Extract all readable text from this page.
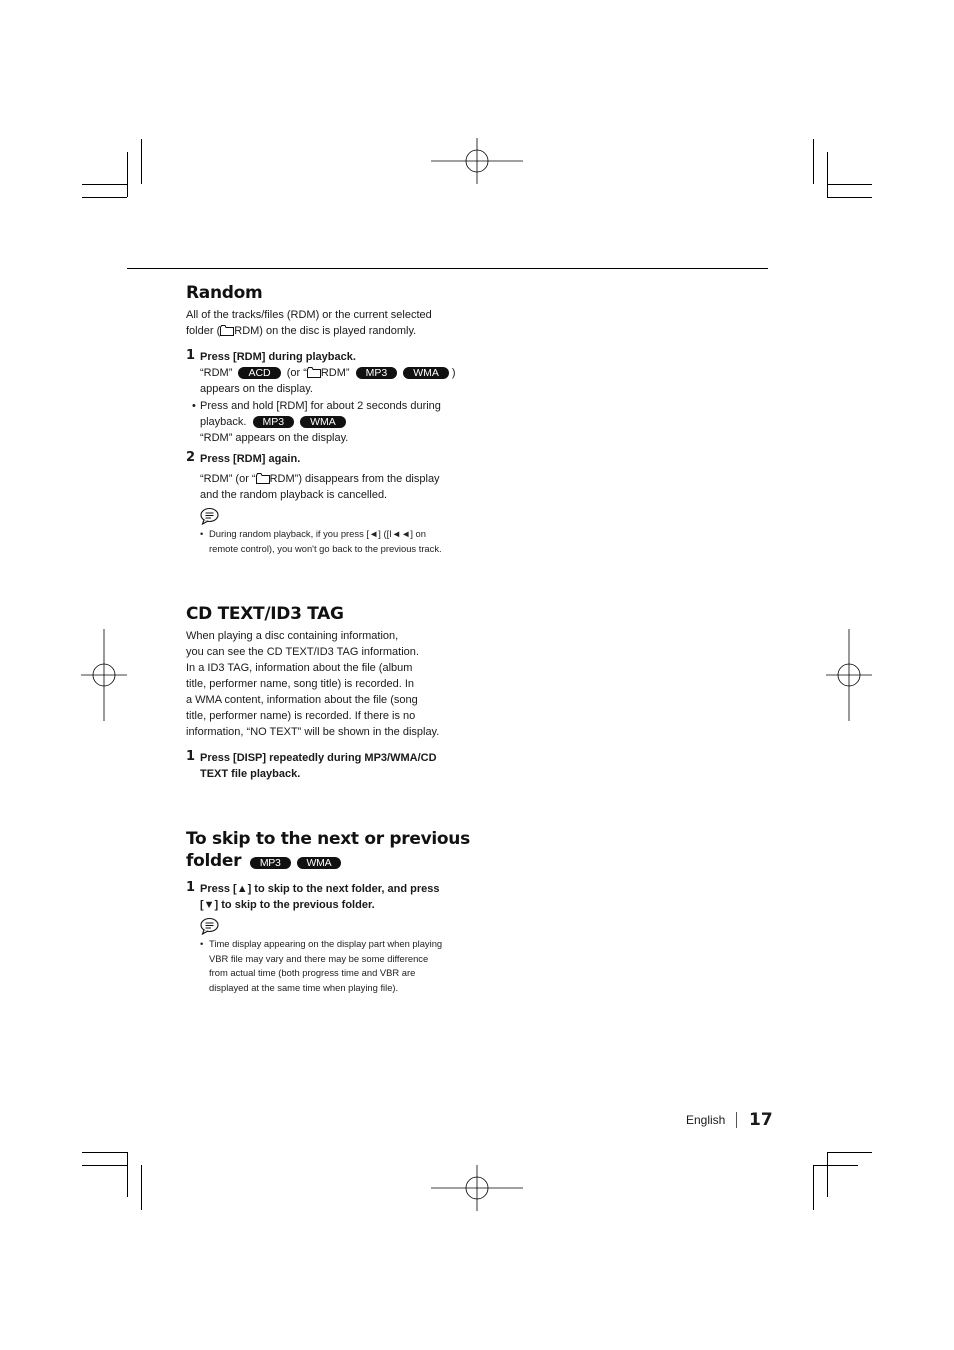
Random

All of the tracks/files (RDM) or the current selected
folder ( RDM) on the disc is played randomly.

1 Press [RDM] during playback.
“RDM” ACD (or “ RDM” MP3 WMA )
appears on the display.
• Press and hold [RDM] for about 2 seconds during
playback. MP3 WMA
“RDM” appears on the display.
2 Press [RDM] again.
“RDM” (or “ RDM”) disappears from the display
and the random playback is cancelled.
• During random playback, if you press [◄] ([I◄◄] on
remote control), you won't go back to the previous track.
CD TEXT/ID3 TAG
When playing a disc containing information,
you can see the CD TEXT/ID3 TAG information.
In a ID3 TAG, information about the file (album
title, performer name, song title) is recorded. In
a WMA content, information about the file (song
title, performer name) is recorded. If there is no
information, “NO TEXT” will be shown in the display.
1 Press [DISP] repeatedly during MP3/WMA/CD
TEXT file playback.
To skip to the next or previous
folder MP3 WMA
1 Press [▲] to skip to the next folder, and press
[▼] to skip to the previous folder.
• Time display appearing on the display part when playing
VBR file may vary and there may be some difference
from actual time (both progress time and VBR are
displayed at the same time when playing file).
English 17
